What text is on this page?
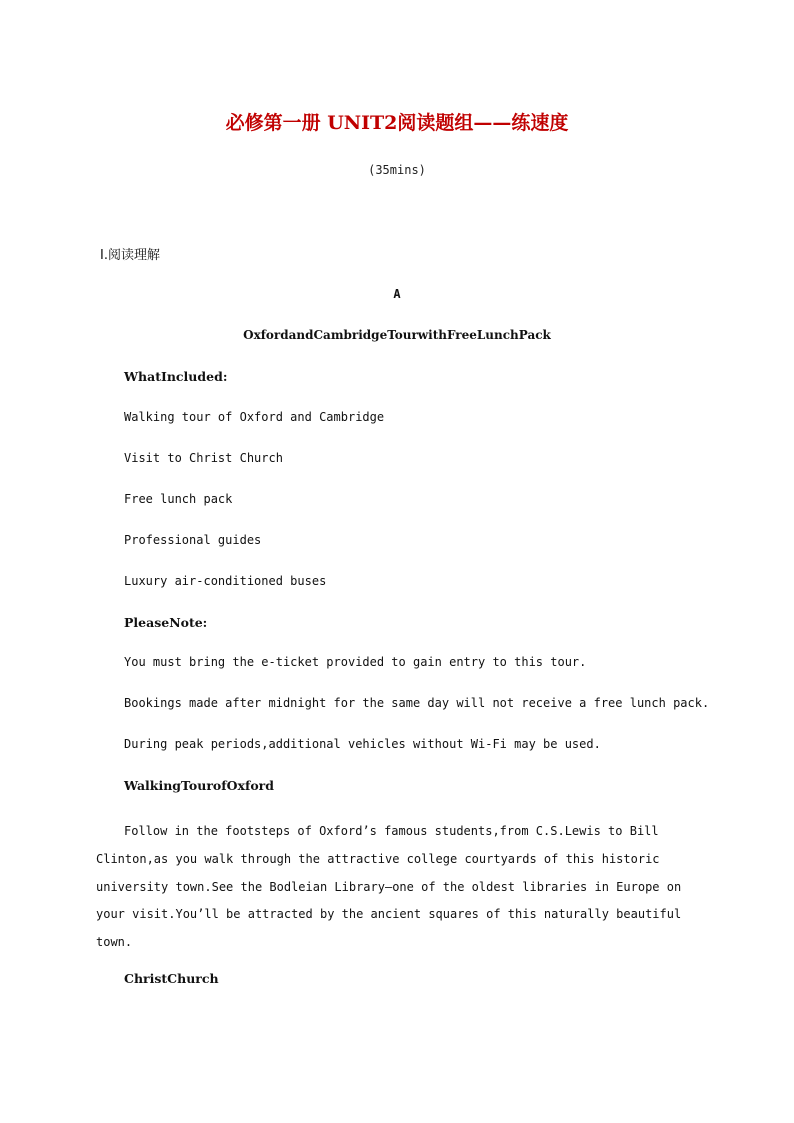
必修第一册 UNIT2阅读题组——练速度
(35mins)
Ⅰ.阅读理解
A
OxfordandCambridgeTourwithFreeLunchPack
WhatIncluded:
Walking tour of Oxford and Cambridge
Visit to Christ Church
Free lunch pack
Professional guides
Luxury air-conditioned buses
PleaseNote:
You must bring the e-ticket provided to gain entry to this tour.
Bookings made after midnight for the same day will not receive a free lunch pack.
During peak periods,additional vehicles without Wi-Fi may be used.
WalkingTourofOxford
Follow in the footsteps of Oxford’s famous students,from C.S.Lewis to Bill
Clinton,as you walk through the attractive college courtyards of this historic
university town.See the Bodleian Library—one of the oldest libraries in Europe on
your visit.You’ll be attracted by the ancient squares of this naturally beautiful
town.
ChristChurch
